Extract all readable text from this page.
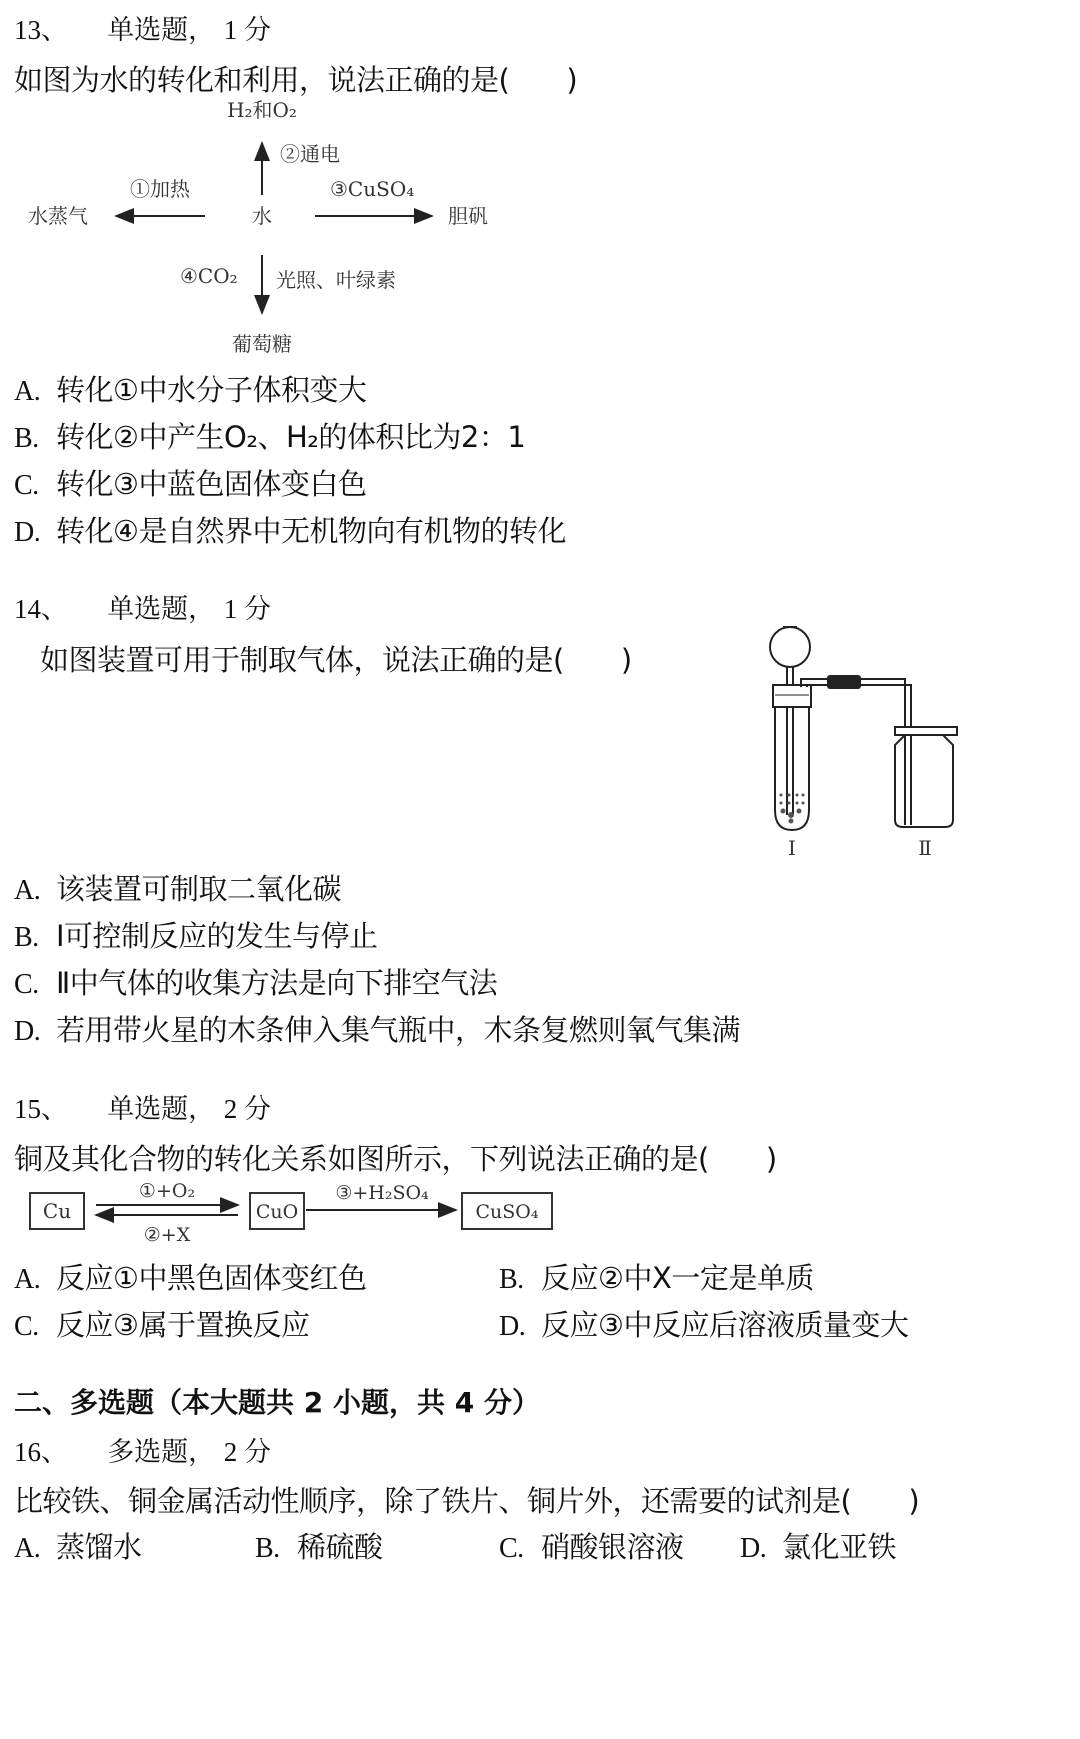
13、 单选题， 1 分
如图为水的转化和利用，说法正确的是(　　)
H₂和O₂
②通电
水
①加热
水蒸气
③CuSO₄
胆矾
④CO₂ 光照、叶绿素
葡萄糖
A. 转化①中水分子体积变大
B. 转化②中产生O₂、H₂的体积比为2：1
C. 转化③中蓝色固体变白色
D. 转化④是自然界中无机物向有机物的转化
14、 单选题， 1 分
如图装置可用于制取气体，说法正确的是(　　)
Ⅰ	Ⅱ
A. 该装置可制取二氧化碳
B. Ⅰ可控制反应的发生与停止
C. Ⅱ中气体的收集方法是向下排空气法
D. 若用带火星的木条伸入集气瓶中，木条复燃则氧气集满
15、 单选题， 2 分
铜及其化合物的转化关系如图所示，下列说法正确的是(　　)
Cu
①+O₂
②+X
CuO
③+H₂SO₄
CuSO₄
A. 反应①中黑色固体变红色	B. 反应②中X一定是单质
C. 反应③属于置换反应	D. 反应③中反应后溶液质量变大
二、多选题（本大题共 2 小题，共 4 分）
16、 多选题， 2 分
比较铁、铜金属活动性顺序，除了铁片、铜片外，还需要的试剂是(　　)
A. 蒸馏水	B. 稀硫酸	C. 硝酸银溶液 D. 氯化亚铁
